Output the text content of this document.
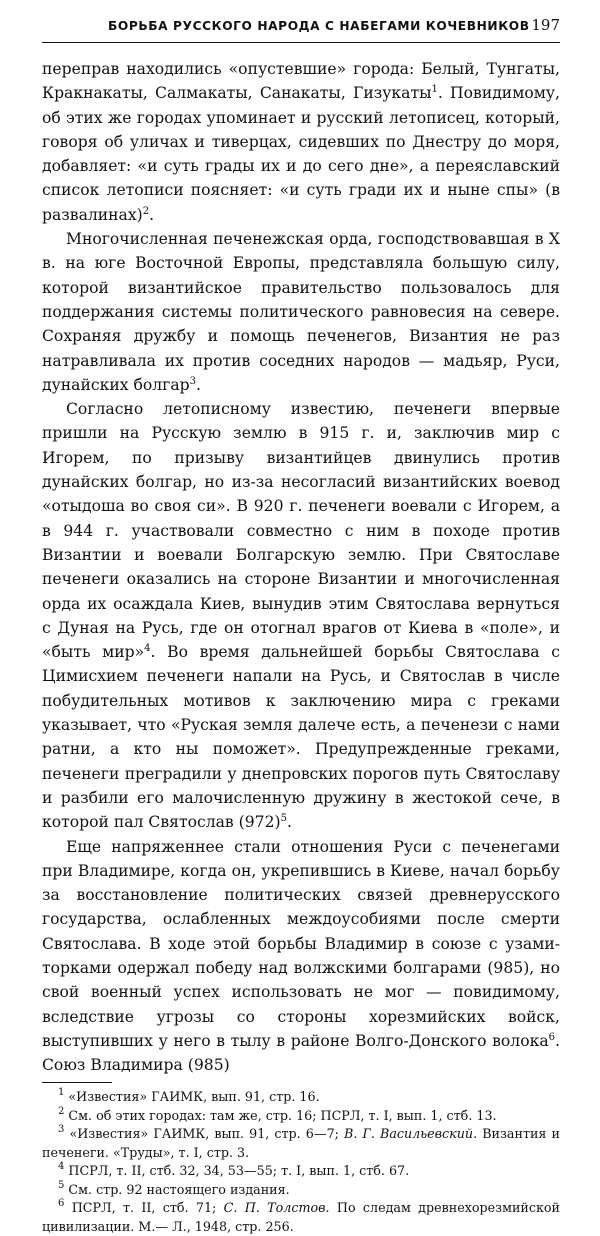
БОРЬБА РУССКОГО НАРОДА С НАБЕГАМИ КОЧЕВНИКОВ 197

переправ находились «опустевшие» города: Белый, Тунгаты, Кракнакаты, Салмакаты, Санакаты, Гизукаты$^1$. Повидимому, об этих же городах упоминает и русский летописец, который, говоря об уличах и тиверцах, сидевших по Днестру до моря, добавляет: «и суть грады их и до сего дне», а переяславский список летописи поясняет: «и суть гради их и ныне спы» (в развалинах)$^2$.

Многочисленная печенежская орда, господствовавшая в X в. на юге Восточной Европы, представляла большую силу, которой византийское правительство пользовалось для поддержания системы политического равновесия на севере. Сохраняя дружбу и помощь печенегов, Византия не раз натравливала их против соседних народов — мадьяр, Руси, дунайских болгар$^3$.

Согласно летописному известию, печенеги впервые пришли на Русскую землю в 915 г. и, заключив мир с Игорем, по призыву византийцев двинулись против дунайских болгар, но из-за несогласий византийских воевод «отыдоша во своя си». В 920 г. печенеги воевали с Игорем, а в 944 г. участвовали совместно с ним в походе против Византии и воевали Болгарскую землю. При Святославе печенеги оказались на стороне Византии и многочисленная орда их осаждала Киев, вынудив этим Святослава вернуться с Дуная на Русь, где он отогнал врагов от Киева в «поле», и «быть мир»$^4$. Во время дальнейшей борьбы Святослава с Цимисхием печенеги напали на Русь, и Святослав в числе побудительных мотивов к заключению мира с греками указывает, что «Руская земля далече есть, а печенези с нами ратни, а кто ны поможет». Предупрежденные греками, печенеги преградили у днепровских порогов путь Святославу и разбили его малочисленную дружину в жестокой сече, в которой пал Святослав $(972)^5$.

Еще напряженнее стали отношения Руси с печенегами при Владимире, когда он, укрепившись в Киеве, начал борьбу за восстановление политических связей древнерусского государства, ослабленных междоусобиями после смерти Святослава. В ходе этой борьбы Владимир в союзе с узами-торками одержал победу над волжскими болгарами (985), но свой военный успех использовать не мог — повидимому, вследствие угрозы со стороны хорезмийских войск, выступивших у него в тылу в районе Волго-Донского волока$^6$. Союз Владимира (985)

$^1$ «Известия» ГАИМК, вып. 91, стр. 16.

$^2$ См. об этих городах: там же, стр. 16; ПСРЛ, т. I, вып. 1, стб. 13.

$^3$ «Известия» ГАИМК, вып. 91, стр. 6—7; В. Г. Васильевский. Византия и печенеги. «Труды», т. I, стр. 3.

$^4$ ПСРЛ, т. II, стб. 32, 34, 53—55; т. I, вып. 1, стб. 67.

$^5$ См. стр. 92 настоящего издания.

$^6$ ПСРЛ, т. II, стб. 71; С. П. Толстов. По следам древнехорезмийской цивилизации. М.— Л., 1948, стр. 256.
